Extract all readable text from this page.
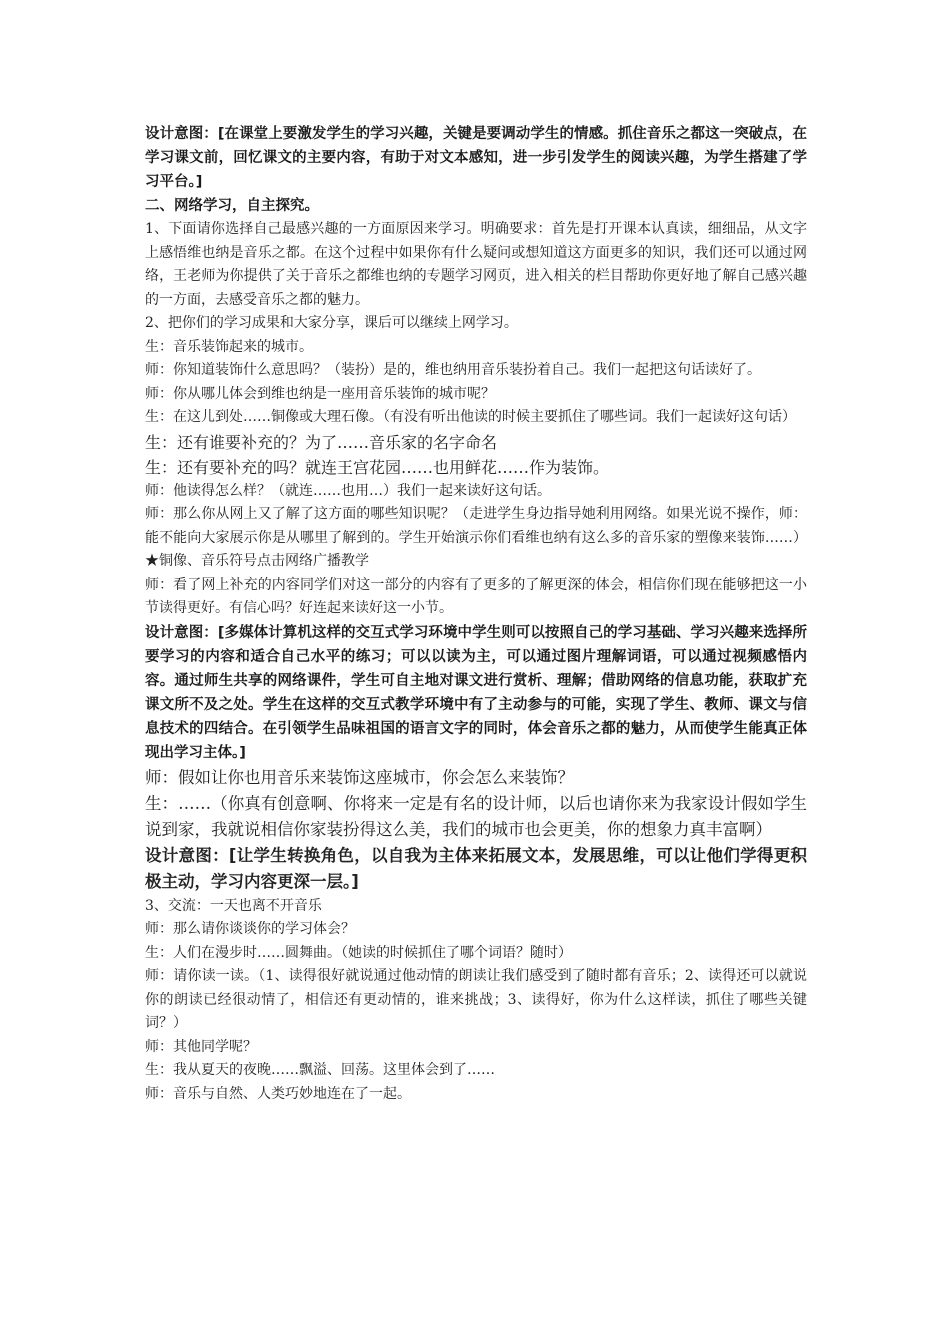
设计意图：[在课堂上要激发学生的学习兴趣，关键是要调动学生的情感。抓住音乐之都这一突破点，在学习课文前，回忆课文的主要内容，有助于对文本感知，进一步引发学生的阅读兴趣，为学生搭建了学习平台。]

二、网络学习，自主探究。

1、下面请你选择自己最感兴趣的一方面原因来学习。明确要求：首先是打开课本认真读，细细品，从文字上感悟维也纳是音乐之都。在这个过程中如果你有什么疑问或想知道这方面更多的知识，我们还可以通过网络，王老师为你提供了关于音乐之都维也纳的专题学习网页，进入相关的栏目帮助你更好地了解自己感兴趣的一方面，去感受音乐之都的魅力。

2、把你们的学习成果和大家分享，课后可以继续上网学习。

生：音乐装饰起来的城市。

师：你知道装饰什么意思吗？（装扮）是的，维也纳用音乐装扮着自己。我们一起把这句话读好了。

师：你从哪儿体会到维也纳是一座用音乐装饰的城市呢？

生：在这儿到处……铜像或大理石像。（有没有听出他读的时候主要抓住了哪些词。我们一起读好这句话）

生：还有谁要补充的？为了……音乐家的名字命名

生：还有要补充的吗？就连王宫花园……也用鲜花……作为装饰。

师：他读得怎么样？（就连……也用…）我们一起来读好这句话。

师：那么你从网上又了解了这方面的哪些知识呢？（走进学生身边指导她利用网络。如果光说不操作，师：能不能向大家展示你是从哪里了解到的。学生开始演示你们看维也纳有这么多的音乐家的塑像来装饰……）★铜像、音乐符号点击网络广播教学

师：看了网上补充的内容同学们对这一部分的内容有了更多的了解更深的体会，相信你们现在能够把这一小节读得更好。有信心吗？好连起来读好这一小节。

设计意图：[多媒体计算机这样的交互式学习环境中学生则可以按照自己的学习基础、学习兴趣来选择所要学习的内容和适合自己水平的练习；可以以读为主，可以通过图片理解词语，可以通过视频感悟内容。通过师生共享的网络课件，学生可自主地对课文进行赏析、理解；借助网络的信息功能，获取扩充课文所不及之处。学生在这样的交互式教学环境中有了主动参与的可能，实现了学生、教师、课文与信息技术的四结合。在引领学生品味祖国的语言文字的同时，体会音乐之都的魅力，从而使学生能真正体现出学习主体。]

师：假如让你也用音乐来装饰这座城市，你会怎么来装饰？

生：……（你真有创意啊、你将来一定是有名的设计师，以后也请你来为我家设计假如学生说到家，我就说相信你家装扮得这么美，我们的城市也会更美，你的想象力真丰富啊）

设计意图：[让学生转换角色，以自我为主体来拓展文本，发展思维，可以让他们学得更积极主动，学习内容更深一层。]

3、交流：一天也离不开音乐

师：那么请你谈谈你的学习体会？

生：人们在漫步时……圆舞曲。（她读的时候抓住了哪个词语？随时）

师：请你读一读。（1、读得很好就说通过他动情的朗读让我们感受到了随时都有音乐；2、读得还可以就说你的朗读已经很动情了，相信还有更动情的，谁来挑战；3、读得好，你为什么这样读，抓住了哪些关键词？）

师：其他同学呢？

生：我从夏天的夜晚……飘溢、回荡。这里体会到了……

师：音乐与自然、人类巧妙地连在了一起。
